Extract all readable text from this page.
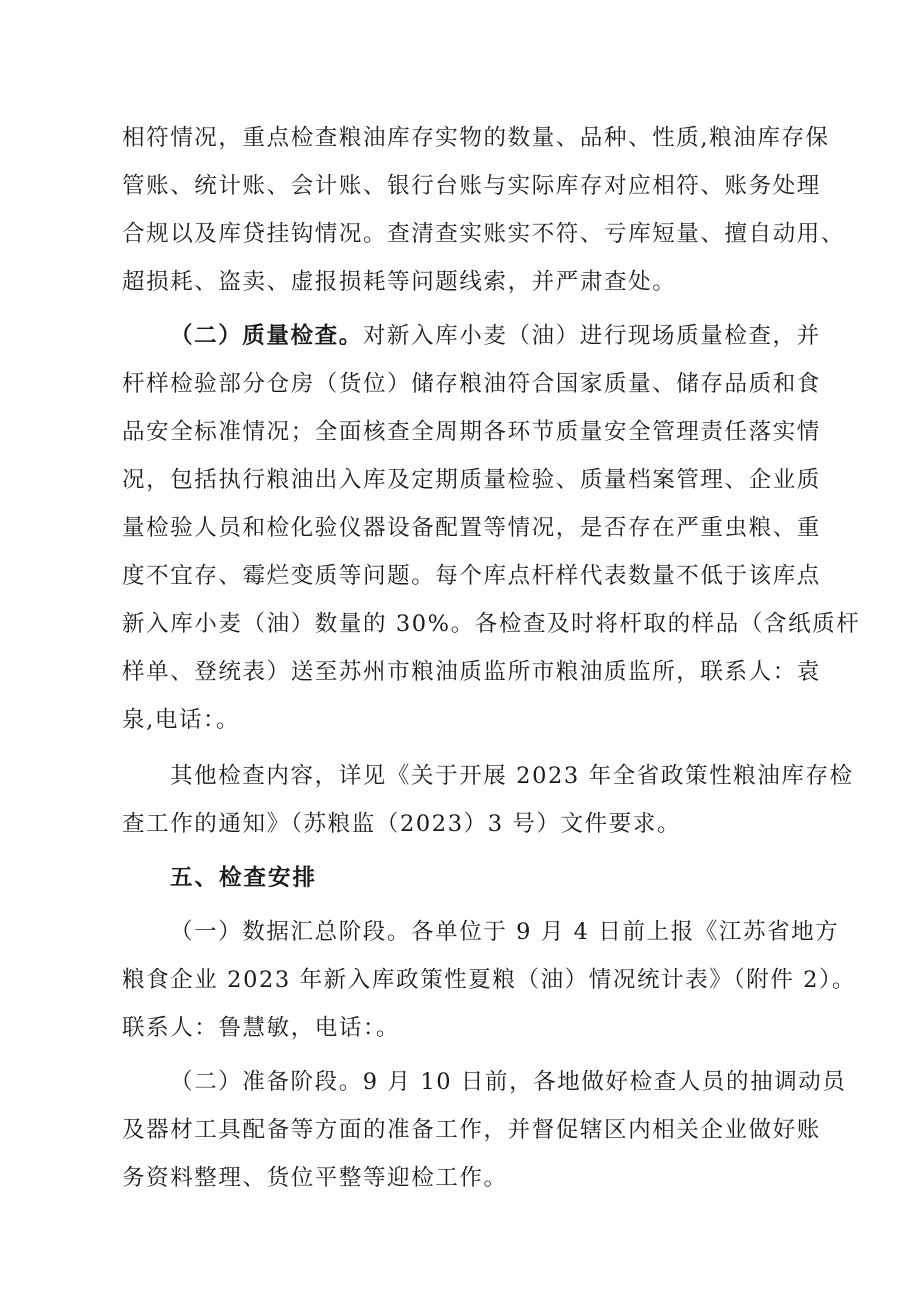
相符情况，重点检查粮油库存实物的数量、品种、性质,粮油库存保
管账、统计账、会计账、银行台账与实际库存对应相符、账务处理
合规以及库贷挂钩情况。查清查实账实不符、亏库短量、擅自动用、
超损耗、盗卖、虚报损耗等问题线索，并严肃查处。
（二）质量检查。对新入库小麦（油）进行现场质量检查，并
杆样检验部分仓房（货位）储存粮油符合国家质量、储存品质和食
品安全标准情况；全面核查全周期各环节质量安全管理责任落实情
况，包括执行粮油出入库及定期质量检验、质量档案管理、企业质
量检验人员和检化验仪器设备配置等情况，是否存在严重虫粮、重
度不宜存、霉烂变质等问题。每个库点杆样代表数量不低于该库点
新入库小麦（油）数量的 30%。各检查及时将杆取的样品（含纸质杆
样单、登统表）送至苏州市粮油质监所市粮油质监所，联系人：袁
泉,电话：。
其他检查内容，详见《关于开展 2023 年全省政策性粮油库存检
查工作的通知》（苏粮监（2023）3 号）文件要求。
五、检查安排
（一）数据汇总阶段。各单位于 9 月 4 日前上报《江苏省地方
粮食企业 2023 年新入库政策性夏粮（油）情况统计表》（附件 2）。
联系人：鲁慧敏，电话：。
（二）准备阶段。9 月 10 日前，各地做好检查人员的抽调动员
及器材工具配备等方面的准备工作，并督促辖区内相关企业做好账
务资料整理、货位平整等迎检工作。
